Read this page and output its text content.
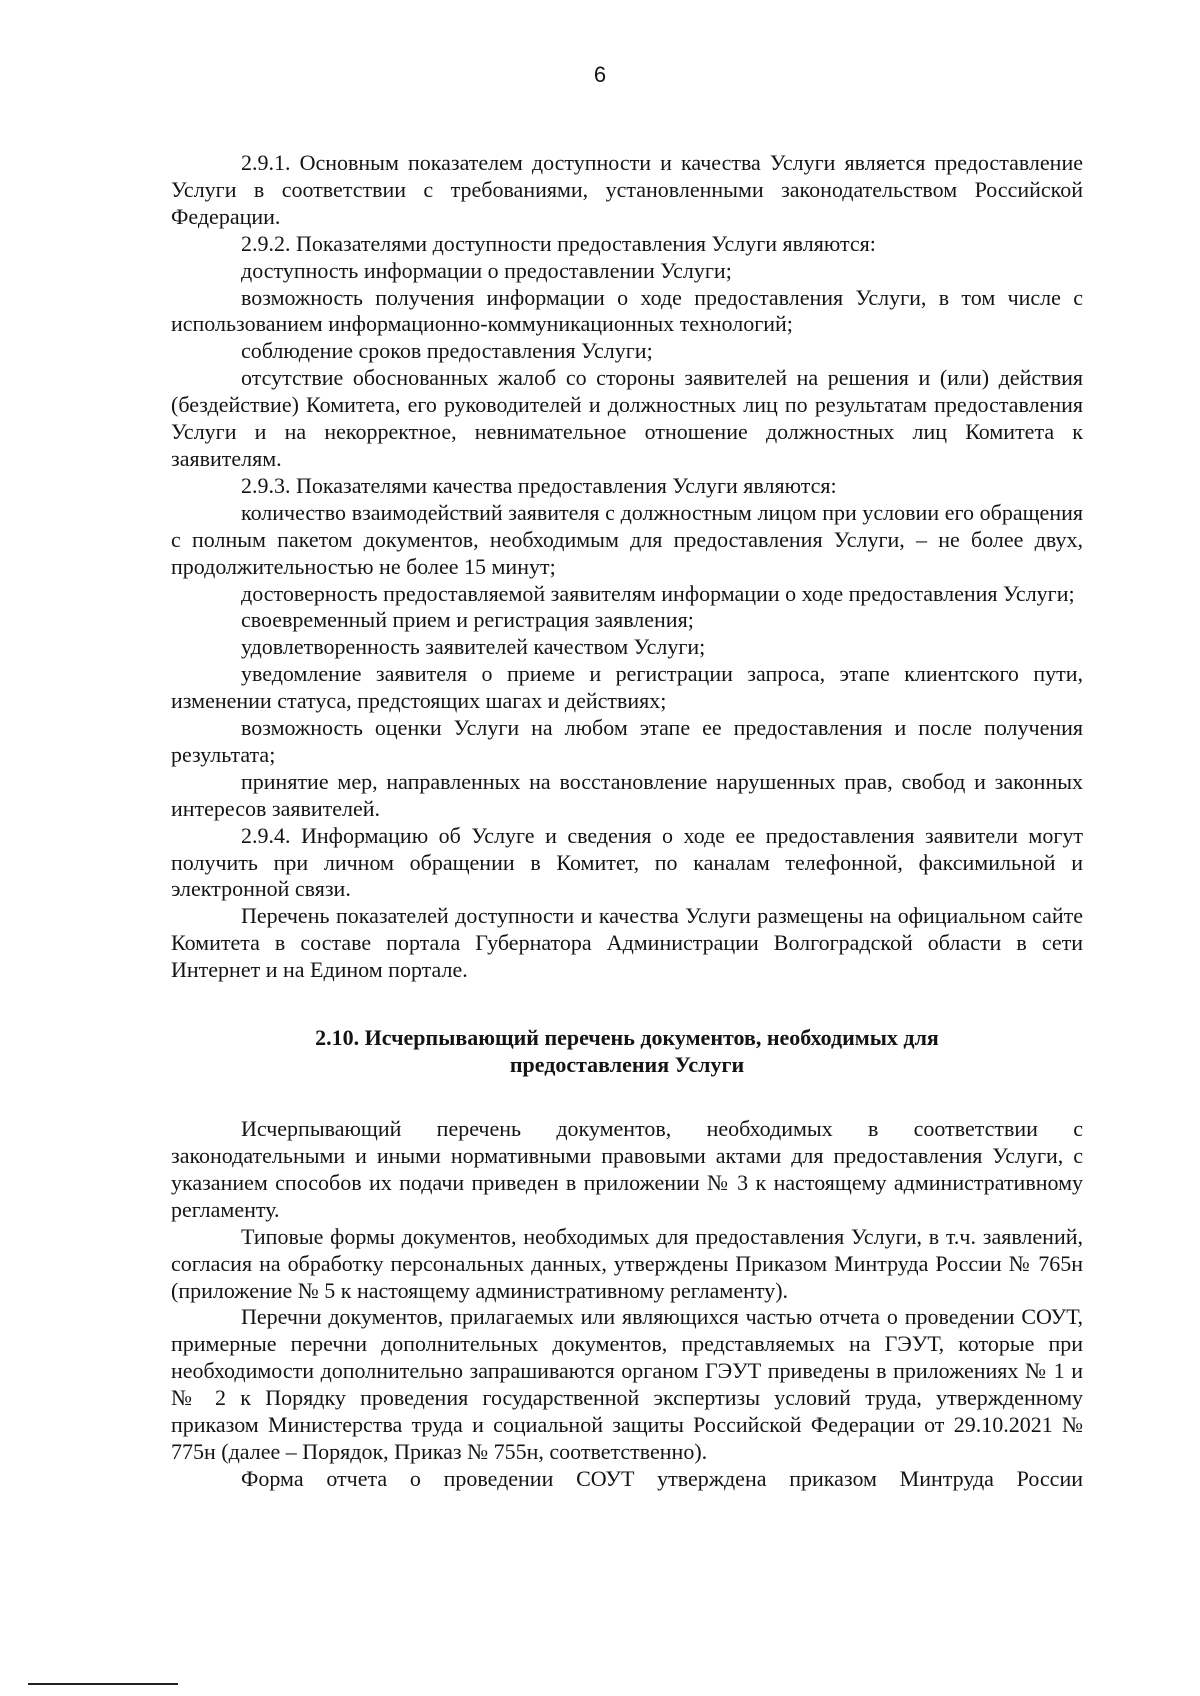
6

2.9.1. Основным показателем доступности и качества Услуги является предоставление Услуги в соответствии с требованиями, установленными законодательством Российской Федерации.

2.9.2. Показателями доступности предоставления Услуги являются:

доступность информации о предоставлении Услуги;

возможность получения информации о ходе предоставления Услуги, в том числе с использованием информационно-коммуникационных технологий;

соблюдение сроков предоставления Услуги;

отсутствие обоснованных жалоб со стороны заявителей на решения и (или) действия (бездействие) Комитета, его руководителей и должностных лиц по результатам предоставления Услуги и на некорректное, невнимательное отношение должностных лиц Комитета к заявителям.

2.9.3. Показателями качества предоставления Услуги являются:

количество взаимодействий заявителя с должностным лицом при условии его обращения с полным пакетом документов, необходимым для предоставления Услуги, – не более двух, продолжительностью не более 15 минут;

достоверность предоставляемой заявителям информации о ходе предоставления Услуги;

своевременный прием и регистрация заявления;

удовлетворенность заявителей качеством Услуги;

уведомление заявителя о приеме и регистрации запроса, этапе клиентского пути, изменении статуса, предстоящих шагах и действиях;

возможность оценки Услуги на любом этапе ее предоставления и после получения результата;

принятие мер, направленных на восстановление нарушенных прав, свобод и законных интересов заявителей.

2.9.4. Информацию об Услуге и сведения о ходе ее предоставления заявители могут получить при личном обращении в Комитет, по каналам телефонной, факсимильной и электронной связи.

Перечень показателей доступности и качества Услуги размещены на официальном сайте Комитета в составе портала Губернатора Администрации Волгоградской области в сети Интернет и на Едином портале.

2.10. Исчерпывающий перечень документов, необходимых для
предоставления Услуги

Исчерпывающий перечень документов, необходимых в соответствии с законодательными и иными нормативными правовыми актами для предоставления Услуги, с указанием способов их подачи приведен в приложении № 3 к настоящему административному регламенту.

Типовые формы документов, необходимых для предоставления Услуги, в т.ч. заявлений, согласия на обработку персональных данных, утверждены Приказом Минтруда России № 765н (приложение № 5 к настоящему административному регламенту).

Перечни документов, прилагаемых или являющихся частью отчета о проведении СОУТ, примерные перечни дополнительных документов, представляемых на ГЭУТ, которые при необходимости дополнительно запрашиваются органом ГЭУТ приведены в приложениях № 1 и № 2 к Порядку проведения государственной экспертизы условий труда, утвержденному приказом Министерства труда и социальной защиты Российской Федерации от 29.10.2021 № 775н (далее – Порядок, Приказ № 755н, соответственно).

Форма отчета о проведении СОУТ утверждена приказом Минтруда России
